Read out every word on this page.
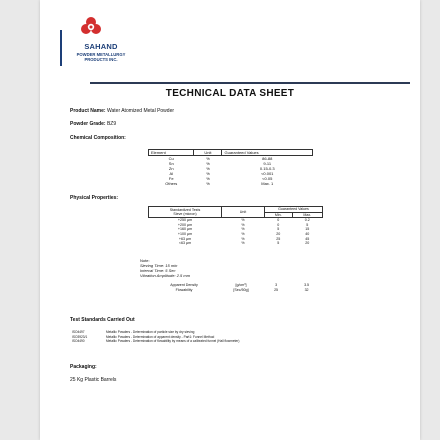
SAHAND
POWDER METALLURGY
PRODUCTS INC.
TECHNICAL DATA SHEET
Product Name: Water Atomized Metal Powder
Powder Grade: BZ9
Chemical Composition:
Element	Unit	Guaranteed Values
Cu	%	86-88
Sn	%	9-11
Zn	%	0.15-0.3
Al	%	<0.001
Fe	%	<0.05
Others	%	Max. 1
Physical Properties:
Standardized Tests
Sieve (micron)	Unit	Guaranteed Values	
		Min.	Max.
+250 µm	%	0	0.2
+200 µm	%	0	5
+160 µm	%	5	15
+100 µm	%	20	40
+63 µm	%	25	45
<63 µm	%	5	20
Note:
Sieving Time: 15 min
Interval Time: 5 Sec
Vibration Amplitude: 2.5 mm
Apparent Density	[g/cm³]	3	3.5
Flowability	[Sec/50g]	25	32
Test Standards Carried Out
ISO4497	Metallic Powders - Determination of particle size by dry sieving
ISO3923/1	Metallic Powders - Determination of apparent density - Part1: Funnel Method
ISO4490	Metallic Powders - Determination of flowability by means of a calibrated funnel (Hall flowmeter)
Packaging:
25 Kg Plastic Barrels
